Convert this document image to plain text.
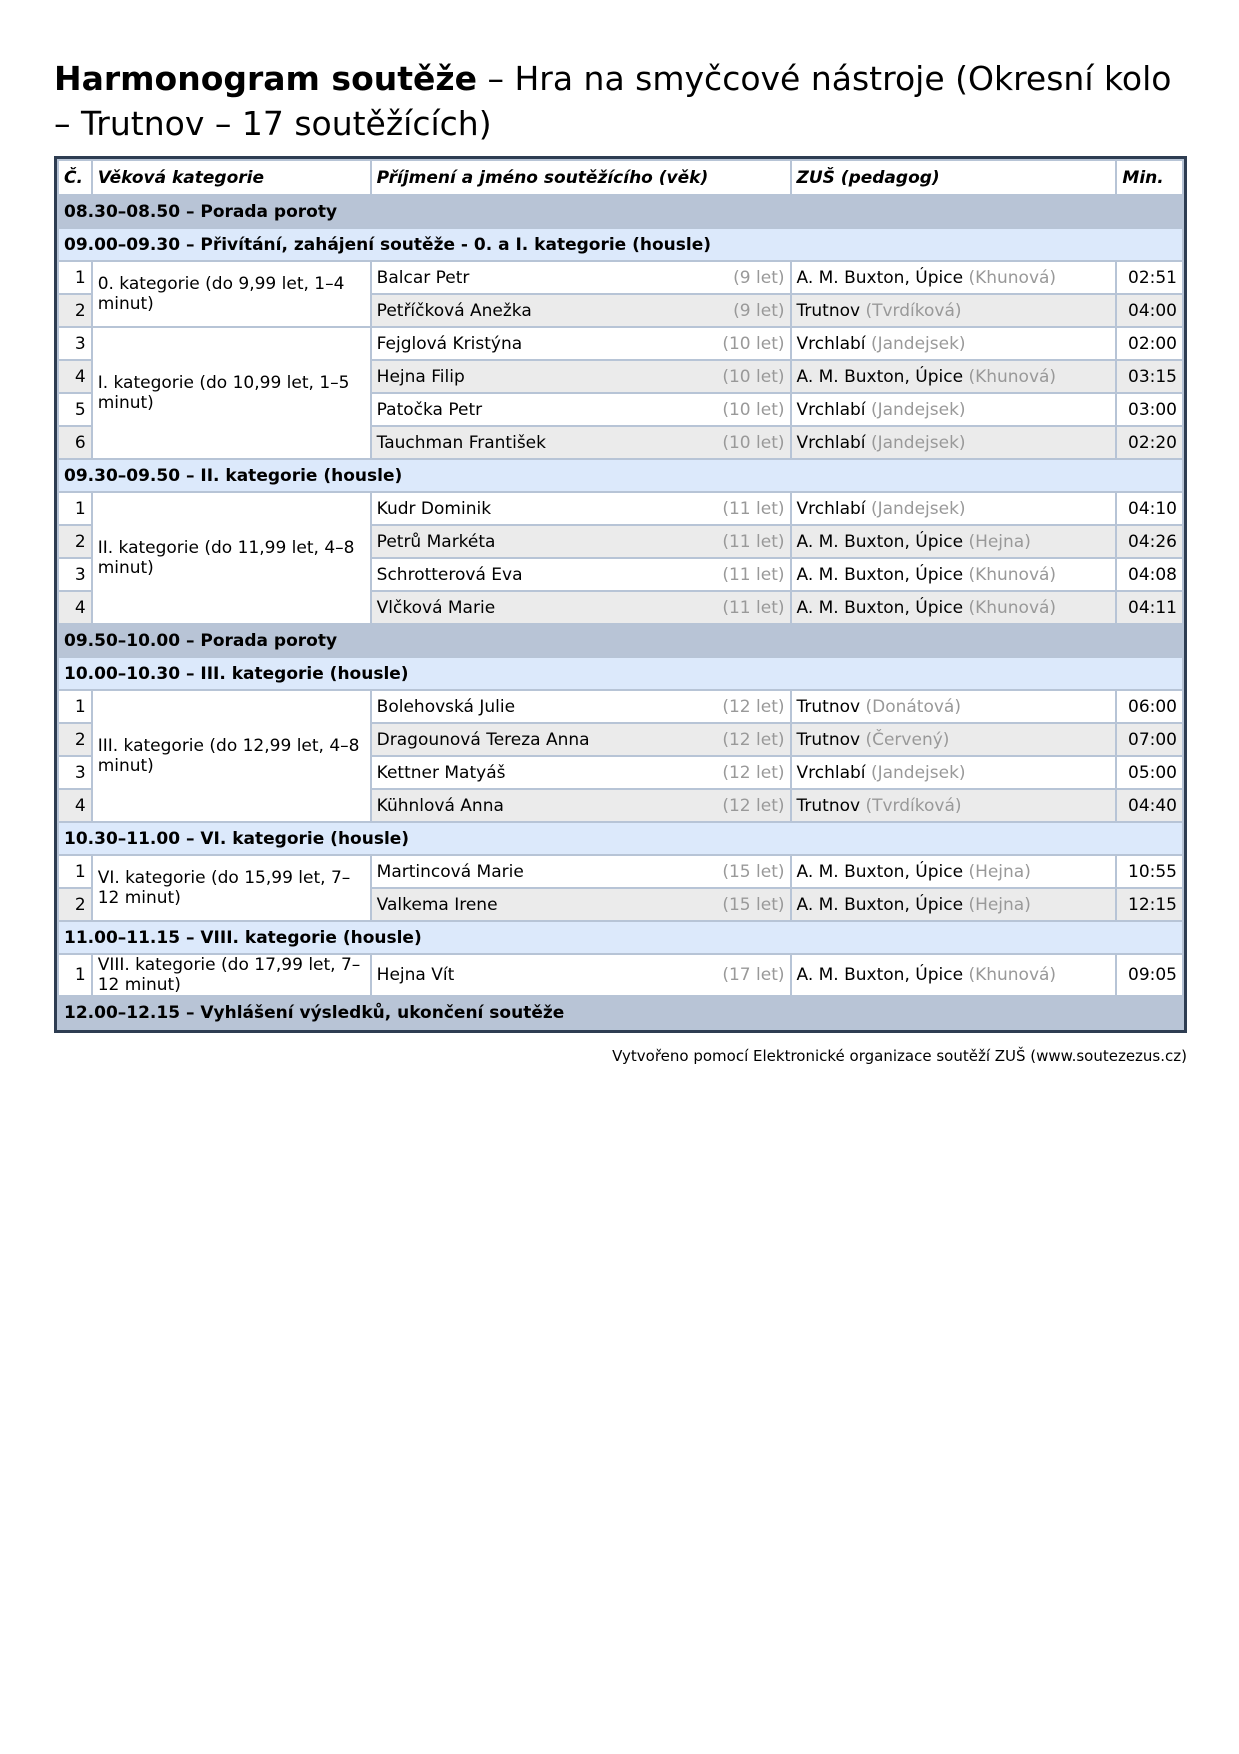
Harmonogram soutěže – Hra na smyčcové nástroje (Okresní kolo – Trutnov – 17 soutěžících)
Č.	Věková kategorie	Příjmení a jméno soutěžícího (věk)	ZUŠ (pedagog)	Min.
08.30–08.50 – Porada poroty				
09.00–09.30 – Přivítání, zahájení soutěže - 0. a I. kategorie (housle)				
1	0. kategorie (do 9,99 let, 1–4 minut)	Balcar Petr (9 let)	A. M. Buxton, Úpice (Khunová)	02:51
2		Petříčková Anežka (9 let)	Trutnov (Tvrdíková)	04:00
3	I. kategorie (do 10,99 let, 1–5 minut)	Fejglová Kristýna (10 let)	Vrchlabí (Jandejsek)	02:00
4		Hejna Filip (10 let)	A. M. Buxton, Úpice (Khunová)	03:15
5		Patočka Petr (10 let)	Vrchlabí (Jandejsek)	03:00
6		Tauchman František (10 let)	Vrchlabí (Jandejsek)	02:20
09.30–09.50 – II. kategorie (housle)				
1	II. kategorie (do 11,99 let, 4–8 minut)	Kudr Dominik (11 let)	Vrchlabí (Jandejsek)	04:10
2		Petrů Markéta (11 let)	A. M. Buxton, Úpice (Hejna)	04:26
3		Schrotterová Eva (11 let)	A. M. Buxton, Úpice (Khunová)	04:08
4		Vlčková Marie (11 let)	A. M. Buxton, Úpice (Khunová)	04:11
09.50–10.00 – Porada poroty				
10.00–10.30 – III. kategorie (housle)				
1	III. kategorie (do 12,99 let, 4–8 minut)	Bolehovská Julie (12 let)	Trutnov (Donátová)	06:00
2		Dragounová Tereza Anna (12 let)	Trutnov (Červený)	07:00
3		Kettner Matyáš (12 let)	Vrchlabí (Jandejsek)	05:00
4		Kühnlová Anna (12 let)	Trutnov (Tvrdíková)	04:40
10.30–11.00 – VI. kategorie (housle)				
1	VI. kategorie (do 15,99 let, 7–12 minut)	Martincová Marie (15 let)	A. M. Buxton, Úpice (Hejna)	10:55
2		Valkema Irene (15 let)	A. M. Buxton, Úpice (Hejna)	12:15
11.00–11.15 – VIII. kategorie (housle)				
1	VIII. kategorie (do 17,99 let, 7–12 minut)	Hejna Vít (17 let)	A. M. Buxton, Úpice (Khunová)	09:05
12.00–12.15 – Vyhlášení výsledků, ukončení soutěže				
Vytvořeno pomocí Elektronické organizace soutěží ZUŠ (www.soutezezus.cz)
